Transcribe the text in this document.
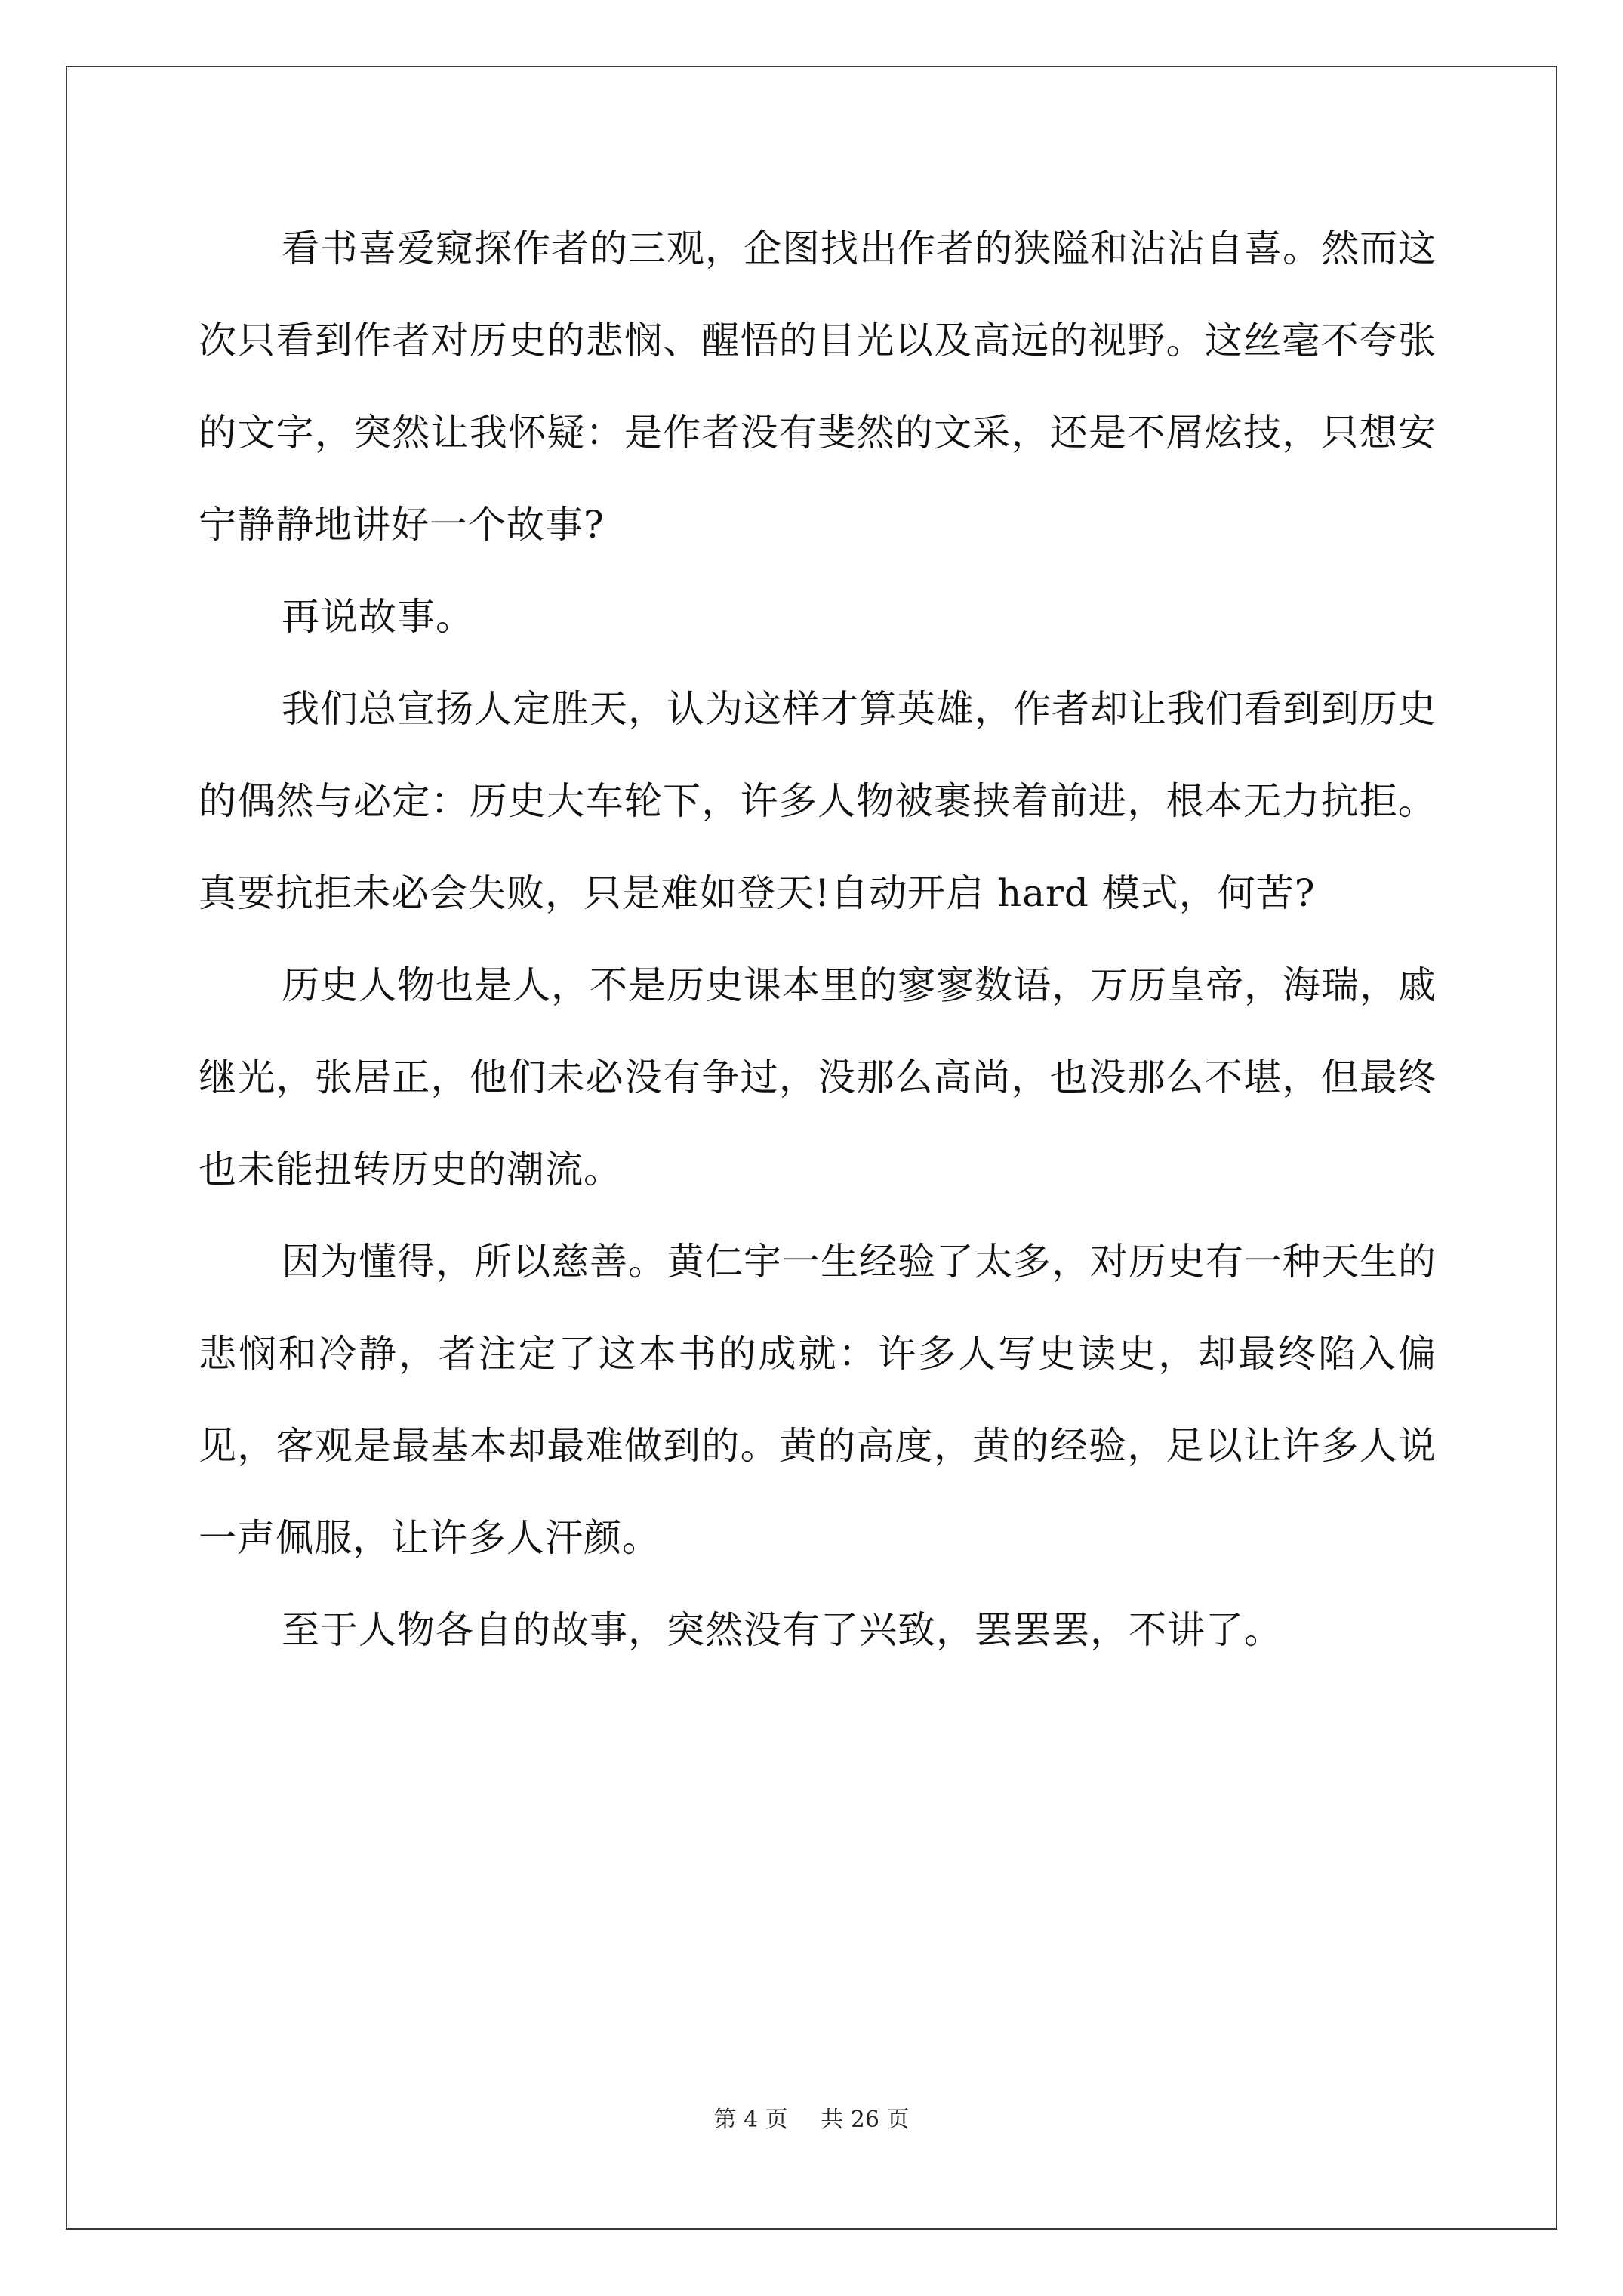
看书喜爱窥探作者的三观，企图找出作者的狭隘和沾沾自喜。然而这次只看到作者对历史的悲悯、醒悟的目光以及高远的视野。这丝毫不夸张的文字，突然让我怀疑：是作者没有斐然的文采，还是不屑炫技，只想安宁静静地讲好一个故事?

再说故事。

我们总宣扬人定胜天，认为这样才算英雄，作者却让我们看到到历史的偶然与必定：历史大车轮下，许多人物被裹挟着前进，根本无力抗拒。真要抗拒未必会失败，只是难如登天!自动开启 hard 模式，何苦?

历史人物也是人，不是历史课本里的寥寥数语，万历皇帝，海瑞，戚继光，张居正，他们未必没有争过，没那么高尚，也没那么不堪，但最终也未能扭转历史的潮流。

因为懂得，所以慈善。黄仁宇一生经验了太多，对历史有一种天生的悲悯和冷静，者注定了这本书的成就：许多人写史读史，却最终陷入偏见，客观是最基本却最难做到的。黄的高度，黄的经验，足以让许多人说一声佩服，让许多人汗颜。

至于人物各自的故事，突然没有了兴致，罢罢罢，不讲了。

第 4 页 共 26 页
